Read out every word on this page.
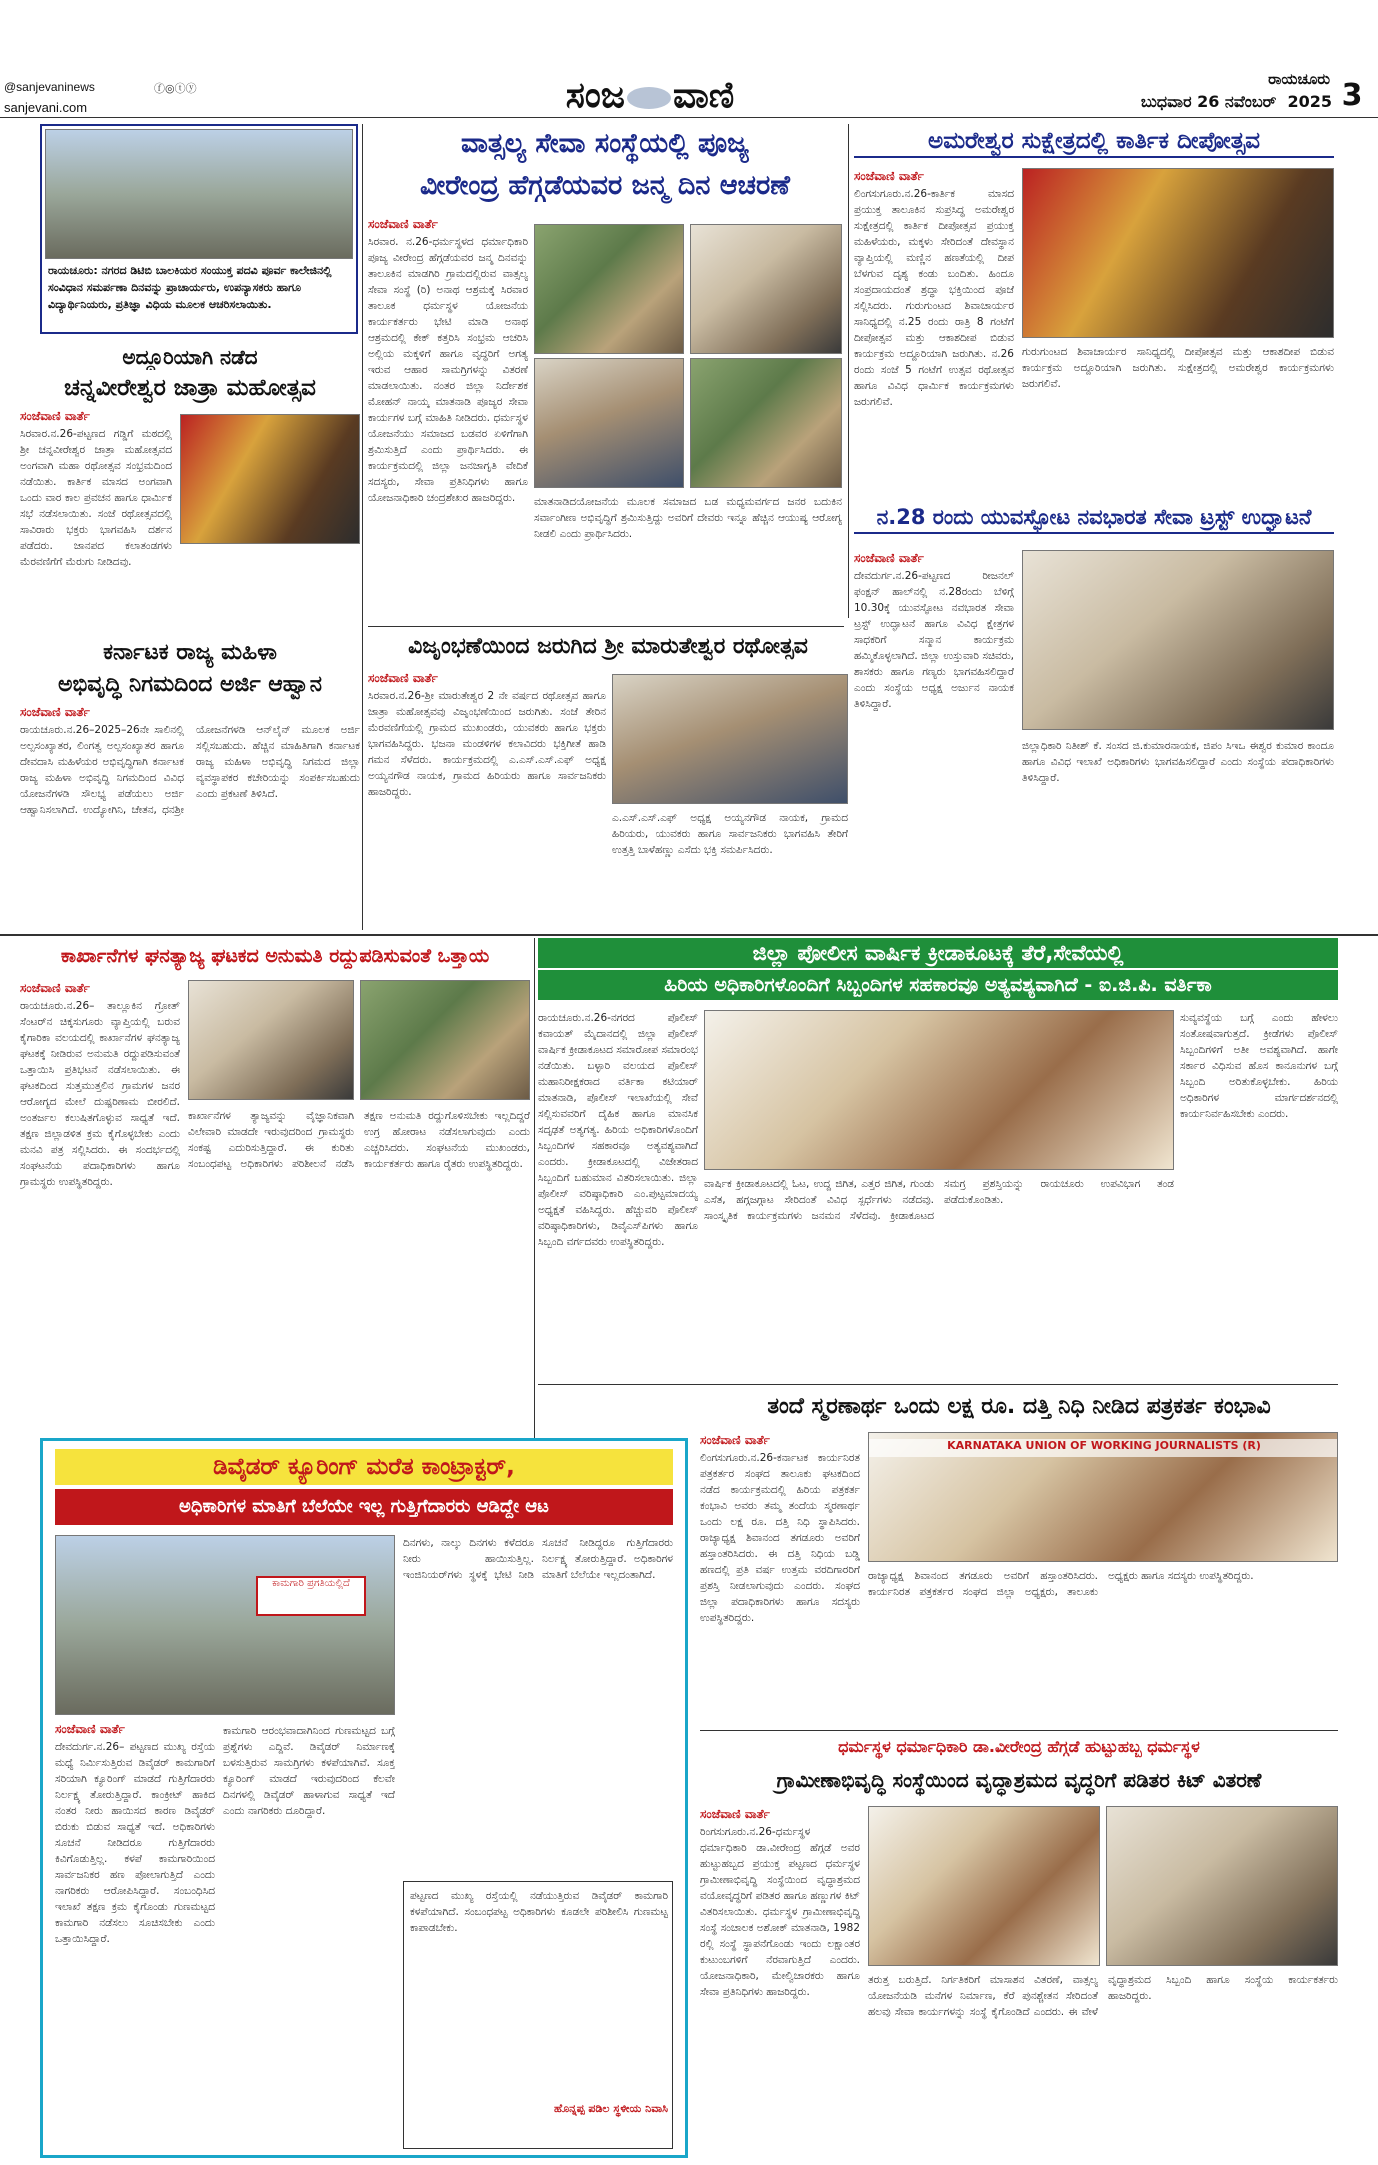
@sanjevaninews	ⓕ◎ⓣⓨ
sanjevani.com	ಸಂಜ ವಾಣಿ	ರಾಯಚೂರು
ಬುಧವಾರ 26 ನವೆಂಬರ್ 2025 3
ರಾಯಚೂರು: ನಗರದ ಡಿಟಿಬಿ ಬಾಲಕಿಯರ ಸಂಯುಕ್ತ ಪದವಿ ಪೂರ್ವ ಕಾಲೇಜಿನಲ್ಲಿ ಸಂವಿಧಾನ ಸಮರ್ಪಣಾ ದಿನವನ್ನು ಪ್ರಾಚಾರ್ಯರು, ಉಪನ್ಯಾಸಕರು ಹಾಗೂ ವಿದ್ಯಾರ್ಥಿನಿಯರು, ಪ್ರತಿಜ್ಞಾ ವಿಧಿಯ ಮೂಲಕ ಆಚರಿಸಲಾಯಿತು.
ಅದ್ದೂರಿಯಾಗಿ ನಡೆದ
ಚನ್ನವೀರೇಶ್ವರ ಜಾತ್ರಾ ಮಹೋತ್ಸವ
ಸಂಜೆವಾಣಿ ವಾರ್ತೆ
ಸಿರವಾರ.ನ.26-ಪಟ್ಟಣದ ಗಡ್ಡಿಗೆ ಮಠದಲ್ಲಿ ಶ್ರೀ ಚನ್ನವೀರೇಶ್ವರ ಜಾತ್ರಾ ಮಹೋತ್ಸವದ ಅಂಗವಾಗಿ ಮಹಾ ರಥೋತ್ಸವ ಸಂಭ್ರಮದಿಂದ ನಡೆಯಿತು. ಕಾರ್ತಿಕ ಮಾಸದ ಅಂಗವಾಗಿ ಒಂದು ವಾರ ಕಾಲ ಪ್ರವಚನ ಹಾಗೂ ಧಾರ್ಮಿಕ ಸಭೆ ನಡೆಸಲಾಯಿತು. ಸಂಜೆ ರಥೋತ್ಸವದಲ್ಲಿ ಸಾವಿರಾರು ಭಕ್ತರು ಭಾಗವಹಿಸಿ ದರ್ಶನ ಪಡೆದರು. ಜಾನಪದ ಕಲಾತಂಡಗಳು ಮೆರವಣಿಗೆಗೆ ಮೆರುಗು ನೀಡಿದವು.
ಕರ್ನಾಟಕ ರಾಜ್ಯ ಮಹಿಳಾ
ಅಭಿವೃದ್ಧಿ ನಿಗಮದಿಂದ ಅರ್ಜಿ ಆಹ್ವಾನ
ಸಂಜೆವಾಣಿ ವಾರ್ತೆ
ರಾಯಚೂರು.ನ.26–2025–26ನೇ ಸಾಲಿನಲ್ಲಿ ಅಲ್ಪಸಂಖ್ಯಾತರ, ಲಿಂಗತ್ವ ಅಲ್ಪಸಂಖ್ಯಾತರ ಹಾಗೂ ದೇವದಾಸಿ ಮಹಿಳೆಯರ ಅಭಿವೃದ್ಧಿಗಾಗಿ ಕರ್ನಾಟಕ ರಾಜ್ಯ ಮಹಿಳಾ ಅಭಿವೃದ್ಧಿ ನಿಗಮದಿಂದ ವಿವಿಧ ಯೋಜನೆಗಳಡಿ ಸೌಲಭ್ಯ ಪಡೆಯಲು ಅರ್ಜಿ ಆಹ್ವಾನಿಸಲಾಗಿದೆ. ಉದ್ಯೋಗಿನಿ, ಚೇತನ, ಧನಶ್ರೀ ಯೋಜನೆಗಳಡಿ ಆನ್‌ಲೈನ್ ಮೂಲಕ ಅರ್ಜಿ ಸಲ್ಲಿಸಬಹುದು. ಹೆಚ್ಚಿನ ಮಾಹಿತಿಗಾಗಿ ಕರ್ನಾಟಕ ರಾಜ್ಯ ಮಹಿಳಾ ಅಭಿವೃದ್ಧಿ ನಿಗಮದ ಜಿಲ್ಲಾ ವ್ಯವಸ್ಥಾಪಕರ ಕಚೇರಿಯನ್ನು ಸಂಪರ್ಕಿಸಬಹುದು ಎಂದು ಪ್ರಕಟಣೆ ತಿಳಿಸಿದೆ.
ವಾತ್ಸಲ್ಯ ಸೇವಾ ಸಂಸ್ಥೆಯಲ್ಲಿ ಪೂಜ್ಯ
ವೀರೇಂದ್ರ ಹೆಗ್ಗಡೆಯವರ ಜನ್ಮ ದಿನ ಆಚರಣೆ
ಸಂಜೆವಾಣಿ ವಾರ್ತೆ
ಸಿರವಾರ. ನ.26-ಧರ್ಮಸ್ಥಳದ ಧರ್ಮಾಧಿಕಾರಿ ಪೂಜ್ಯ ವೀರೇಂದ್ರ ಹೆಗ್ಗಡೆಯವರ ಜನ್ಮ ದಿನವನ್ನು ತಾಲೂಕಿನ ಮಾಡಗಿರಿ ಗ್ರಾಮದಲ್ಲಿರುವ ವಾತ್ಸಲ್ಯ ಸೇವಾ ಸಂಸ್ಥೆ (ರಿ) ಅನಾಥ ಆಶ್ರಮಕ್ಕೆ ಸಿರವಾರ ತಾಲೂಕ ಧರ್ಮಸ್ಥಳ ಯೋಜನೆಯ ಕಾರ್ಯಕರ್ತರು ಭೇಟಿ ಮಾಡಿ ಅನಾಥ ಆಶ್ರಮದಲ್ಲಿ ಕೇಕ್ ಕತ್ತರಿಸಿ ಸಂಭ್ರಮ ಆಚರಿಸಿ ಅಲ್ಲಿಯ ಮಕ್ಕಳಿಗೆ ಹಾಗೂ ವೃದ್ಧರಿಗೆ ಅಗತ್ಯ ಇರುವ ಆಹಾರ ಸಾಮಗ್ರಿಗಳನ್ನು ವಿತರಣೆ ಮಾಡಲಾಯಿತು. ನಂತರ ಜಿಲ್ಲಾ ನಿರ್ದೇಶಕ ಮೋಹನ್ ನಾಯ್ಕ ಮಾತನಾಡಿ ಪೂಜ್ಯರ ಸೇವಾ ಕಾರ್ಯಗಳ ಬಗ್ಗೆ ಮಾಹಿತಿ ನೀಡಿದರು. ಧರ್ಮಸ್ಥಳ ಯೋಜನೆಯು ಸಮಾಜದ ಬಡವರ ಏಳಿಗೆಗಾಗಿ ಶ್ರಮಿಸುತ್ತಿದೆ ಎಂದು ಪ್ರಾರ್ಥಿಸಿದರು. ಈ ಕಾರ್ಯಕ್ರಮದಲ್ಲಿ ಜಿಲ್ಲಾ ಜನಜಾಗೃತಿ ವೇದಿಕೆ ಸದಸ್ಯರು, ಸೇವಾ ಪ್ರತಿನಿಧಿಗಳು ಹಾಗೂ ಯೋಜನಾಧಿಕಾರಿ ಚಂದ್ರಶೇಖರ ಹಾಜರಿದ್ದರು.	ಮಾತನಾಡಿದಯೋಜನೆಯ ಮೂಲಕ ಸಮಾಜದ ಬಡ ಮಧ್ಯಮವರ್ಗದ ಜನರ ಬದುಕಿನ ಸರ್ವಾಂಗೀಣ ಅಭಿವೃದ್ಧಿಗೆ ಶ್ರಮಿಸುತ್ತಿದ್ದು ಅವರಿಗೆ ದೇವರು ಇನ್ನೂ ಹೆಚ್ಚಿನ ಆಯುಷ್ಯ ಆರೋಗ್ಯ ನೀಡಲಿ ಎಂದು ಪ್ರಾರ್ಥಿಸಿದರು.
ಅಮರೇಶ್ವರ ಸುಕ್ಷೇತ್ರದಲ್ಲಿ ಕಾರ್ತಿಕ ದೀಪೋತ್ಸವ
ಸಂಜೆವಾಣಿ ವಾರ್ತೆ
ಲಿಂಗಸುಗೂರು.ನ.26-ಕಾರ್ತಿಕ ಮಾಸದ ಪ್ರಯುಕ್ತ ತಾಲೂಕಿನ ಸುಪ್ರಸಿದ್ಧ ಅಮರೇಶ್ವರ ಸುಕ್ಷೇತ್ರದಲ್ಲಿ ಕಾರ್ತಿಕ ದೀಪೋತ್ಸವ ಪ್ರಯುಕ್ತ ಮಹಿಳೆಯರು, ಮಕ್ಕಳು ಸೇರಿದಂತೆ ದೇವಸ್ಥಾನ ವ್ಯಾಪ್ತಿಯಲ್ಲಿ ಮಣ್ಣಿನ ಹಣತೆಯಲ್ಲಿ ದೀಪ ಬೆಳಗುವ ದೃಶ್ಯ ಕಂಡು ಬಂದಿತು. ಹಿಂದೂ ಸಂಪ್ರದಾಯದಂತೆ ಶ್ರದ್ಧಾ ಭಕ್ತಿಯಿಂದ ಪೂಜೆ ಸಲ್ಲಿಸಿದರು. ಗುರುಗುಂಟದ ಶಿವಾಚಾರ್ಯರ ಸಾನಿಧ್ಯದಲ್ಲಿ ನ.25 ರಂದು ರಾತ್ರಿ 8 ಗಂಟೆಗೆ ದೀಪೋತ್ಸವ ಮತ್ತು ಆಕಾಶದೀಪ ಬಿಡುವ ಕಾರ್ಯಕ್ರಮ ಅದ್ದೂರಿಯಾಗಿ ಜರುಗಿತು. ನ.26 ರಂದು ಸಂಜೆ 5 ಗಂಟೆಗೆ ಉತ್ಸವ ರಥೋತ್ಸವ ಹಾಗೂ ವಿವಿಧ ಧಾರ್ಮಿಕ ಕಾರ್ಯಕ್ರಮಗಳು ಜರುಗಲಿವೆ.
ಗುರುಗುಂಟದ ಶಿವಾಚಾರ್ಯರ ಸಾನಿಧ್ಯದಲ್ಲಿ ದೀಪೋತ್ಸವ ಮತ್ತು ಆಕಾಶದೀಪ ಬಿಡುವ ಕಾರ್ಯಕ್ರಮ ಅದ್ದೂರಿಯಾಗಿ ಜರುಗಿತು. ಸುಕ್ಷೇತ್ರದಲ್ಲಿ ಅಮರೇಶ್ವರ ಕಾರ್ಯಕ್ರಮಗಳು ಜರುಗಲಿವೆ.
ನ.28 ರಂದು ಯುವಸ್ಫೋಟ ನವಭಾರತ ಸೇವಾ ಟ್ರಸ್ಟ್ ಉದ್ಘಾಟನೆ
ಸಂಜೆವಾಣಿ ವಾರ್ತೆ
ದೇವದುರ್ಗ.ನ.26-ಪಟ್ಟಣದ ರೀಜನಲ್ ಫಂಕ್ಷನ್ ಹಾಲ್‌ನಲ್ಲಿ ನ.28ರಂದು ಬೆಳಿಗ್ಗೆ 10.30ಕ್ಕೆ ಯುವಸ್ಫೋಟ ನವಭಾರತ ಸೇವಾ ಟ್ರಸ್ಟ್ ಉದ್ಘಾಟನೆ ಹಾಗೂ ವಿವಿಧ ಕ್ಷೇತ್ರಗಳ ಸಾಧಕರಿಗೆ ಸನ್ಮಾನ ಕಾರ್ಯಕ್ರಮ ಹಮ್ಮಿಕೊಳ್ಳಲಾಗಿದೆ. ಜಿಲ್ಲಾ ಉಸ್ತುವಾರಿ ಸಚಿವರು, ಶಾಸಕರು ಹಾಗೂ ಗಣ್ಯರು ಭಾಗವಹಿಸಲಿದ್ದಾರೆ ಎಂದು ಸಂಸ್ಥೆಯ ಅಧ್ಯಕ್ಷ ಅರ್ಜುನ ನಾಯಕ ತಿಳಿಸಿದ್ದಾರೆ.
ಜಿಲ್ಲಾಧಿಕಾರಿ ನಿತೀಶ್ ಕೆ. ಸಂಸದ ಜಿ.ಕುಮಾರನಾಯಕ, ಜಿಪಂ ಸಿಇಒ ಈಶ್ವರ ಕುಮಾರ ಕಾಂದೂ ಹಾಗೂ ವಿವಿಧ ಇಲಾಖೆ ಅಧಿಕಾರಿಗಳು ಭಾಗವಹಿಸಲಿದ್ದಾರೆ ಎಂದು ಸಂಸ್ಥೆಯ ಪದಾಧಿಕಾರಿಗಳು ತಿಳಿಸಿದ್ದಾರೆ.
ವಿಜೃಂಭಣೆಯಿಂದ ಜರುಗಿದ ಶ್ರೀ ಮಾರುತೇಶ್ವರ ರಥೋತ್ಸವ
ಸಂಜೆವಾಣಿ ವಾರ್ತೆ
ಸಿರವಾರ.ನ.26-ಶ್ರೀ ಮಾರುತೇಶ್ವರ 2 ನೇ ವರ್ಷದ ರಥೋತ್ಸವ ಹಾಗೂ ಜಾತ್ರಾ ಮಹೋತ್ಸವವು ವಿಜೃಂಭಣೆಯಿಂದ ಜರುಗಿತು. ಸಂಜೆ ತೇರಿನ ಮೆರವಣಿಗೆಯಲ್ಲಿ ಗ್ರಾಮದ ಮುಖಂಡರು, ಯುವಕರು ಹಾಗೂ ಭಕ್ತರು ಭಾಗವಹಿಸಿದ್ದರು. ಭಜನಾ ಮಂಡಳಿಗಳ ಕಲಾವಿದರು ಭಕ್ತಿಗೀತೆ ಹಾಡಿ ಗಮನ ಸೆಳೆದರು. ಕಾರ್ಯಕ್ರಮದಲ್ಲಿ ಎ.ಎಸ್.ಎಸ್.ಎಫ್ ಅಧ್ಯಕ್ಷ ಅಯ್ಯನಗೌಡ ನಾಯಕ, ಗ್ರಾಮದ ಹಿರಿಯರು ಹಾಗೂ ಸಾರ್ವಜನಿಕರು ಹಾಜರಿದ್ದರು.
ಎ.ಎಸ್.ಎಸ್.ಎಫ್ ಅಧ್ಯಕ್ಷ ಅಯ್ಯನಗೌಡ ನಾಯಕ, ಗ್ರಾಮದ ಹಿರಿಯರು, ಯುವಕರು ಹಾಗೂ ಸಾರ್ವಜನಿಕರು ಭಾಗವಹಿಸಿ ತೇರಿಗೆ ಉತ್ತತ್ತಿ ಬಾಳೆಹಣ್ಣು ಎಸೆದು ಭಕ್ತಿ ಸಮರ್ಪಿಸಿದರು.
ಕಾರ್ಖಾನೆಗಳ ಘನತ್ಯಾಜ್ಯ ಘಟಕದ ಅನುಮತಿ ರದ್ದುಪಡಿಸುವಂತೆ ಒತ್ತಾಯ
ಸಂಜೆವಾಣಿ ವಾರ್ತೆ
ರಾಯಚೂರು.ನ.26– ತಾಲ್ಲೂಕಿನ ಗ್ರೋತ್ ಸೆಂಟರ್‌ನ ಚಿಕ್ಕಸುಗೂರು ವ್ಯಾಪ್ತಿಯಲ್ಲಿ ಬರುವ ಕೈಗಾರಿಕಾ ವಲಯದಲ್ಲಿ ಕಾರ್ಖಾನೆಗಳ ಘನತ್ಯಾಜ್ಯ ಘಟಕಕ್ಕೆ ನೀಡಿರುವ ಅನುಮತಿ ರದ್ದುಪಡಿಸುವಂತೆ ಒತ್ತಾಯಿಸಿ ಪ್ರತಿಭಟನೆ ನಡೆಸಲಾಯಿತು. ಈ ಘಟಕದಿಂದ ಸುತ್ತಮುತ್ತಲಿನ ಗ್ರಾಮಗಳ ಜನರ ಆರೋಗ್ಯದ ಮೇಲೆ ದುಷ್ಪರಿಣಾಮ ಬೀರಲಿದೆ. ಅಂತರ್ಜಲ ಕಲುಷಿತಗೊಳ್ಳುವ ಸಾಧ್ಯತೆ ಇದೆ. ತಕ್ಷಣ ಜಿಲ್ಲಾಡಳಿತ ಕ್ರಮ ಕೈಗೊಳ್ಳಬೇಕು ಎಂದು ಮನವಿ ಪತ್ರ ಸಲ್ಲಿಸಿದರು. ಈ ಸಂದರ್ಭದಲ್ಲಿ ಸಂಘಟನೆಯ ಪದಾಧಿಕಾರಿಗಳು ಹಾಗೂ ಗ್ರಾಮಸ್ಥರು ಉಪಸ್ಥಿತರಿದ್ದರು.
ಕಾರ್ಖಾನೆಗಳ ತ್ಯಾಜ್ಯವನ್ನು ವೈಜ್ಞಾನಿಕವಾಗಿ ವಿಲೇವಾರಿ ಮಾಡದೇ ಇರುವುದರಿಂದ ಗ್ರಾಮಸ್ಥರು ಸಂಕಷ್ಟ ಎದುರಿಸುತ್ತಿದ್ದಾರೆ. ಈ ಕುರಿತು ಸಂಬಂಧಪಟ್ಟ ಅಧಿಕಾರಿಗಳು ಪರಿಶೀಲನೆ ನಡೆಸಿ ತಕ್ಷಣ ಅನುಮತಿ ರದ್ದುಗೊಳಿಸಬೇಕು ಇಲ್ಲದಿದ್ದರೆ ಉಗ್ರ ಹೋರಾಟ ನಡೆಸಲಾಗುವುದು ಎಂದು ಎಚ್ಚರಿಸಿದರು. ಸಂಘಟನೆಯ ಮುಖಂಡರು, ಕಾರ್ಯಕರ್ತರು ಹಾಗೂ ರೈತರು ಉಪಸ್ಥಿತರಿದ್ದರು.
ಜಿಲ್ಲಾ ಪೋಲೀಸ ವಾರ್ಷಿಕ ಕ್ರೀಡಾಕೂಟಕ್ಕೆ ತೆರೆ,ಸೇವೆಯಲ್ಲಿ
ಹಿರಿಯ ಅಧಿಕಾರಿಗಳೊಂದಿಗೆ ಸಿಬ್ಬಂದಿಗಳ ಸಹಕಾರವೂ ಅತ್ಯವಶ್ಯವಾಗಿದೆ - ಐ.ಜಿ.ಪಿ. ವರ್ತಿಕಾ
ರಾಯಚೂರು.ನ.26-ನಗರದ ಪೊಲೀಸ್ ಕವಾಯತ್ ಮೈದಾನದಲ್ಲಿ ಜಿಲ್ಲಾ ಪೊಲೀಸ್ ವಾರ್ಷಿಕ ಕ್ರೀಡಾಕೂಟದ ಸಮಾರೋಪ ಸಮಾರಂಭ ನಡೆಯಿತು. ಬಳ್ಳಾರಿ ವಲಯದ ಪೊಲೀಸ್ ಮಹಾನಿರೀಕ್ಷಕರಾದ ವರ್ತಿಕಾ ಕಟಿಯಾರ್ ಮಾತನಾಡಿ, ಪೊಲೀಸ್ ಇಲಾಖೆಯಲ್ಲಿ ಸೇವೆ ಸಲ್ಲಿಸುವವರಿಗೆ ದೈಹಿಕ ಹಾಗೂ ಮಾನಸಿಕ ಸದೃಢತೆ ಅತ್ಯಗತ್ಯ. ಹಿರಿಯ ಅಧಿಕಾರಿಗಳೊಂದಿಗೆ ಸಿಬ್ಬಂದಿಗಳ ಸಹಕಾರವೂ ಅತ್ಯವಶ್ಯವಾಗಿದೆ ಎಂದರು. ಕ್ರೀಡಾಕೂಟದಲ್ಲಿ ವಿಜೇತರಾದ ಸಿಬ್ಬಂದಿಗೆ ಬಹುಮಾನ ವಿತರಿಸಲಾಯಿತು. ಜಿಲ್ಲಾ ಪೊಲೀಸ್ ವರಿಷ್ಠಾಧಿಕಾರಿ ಎಂ.ಪುಟ್ಟಮಾದಯ್ಯ ಅಧ್ಯಕ್ಷತೆ ವಹಿಸಿದ್ದರು. ಹೆಚ್ಚುವರಿ ಪೊಲೀಸ್ ವರಿಷ್ಠಾಧಿಕಾರಿಗಳು, ಡಿವೈಎಸ್‌ಪಿಗಳು ಹಾಗೂ ಸಿಬ್ಬಂದಿ ವರ್ಗದವರು ಉಪಸ್ಥಿತರಿದ್ದರು.
ವಾರ್ಷಿಕ ಕ್ರೀಡಾಕೂಟದಲ್ಲಿ ಓಟ, ಉದ್ದ ಜಿಗಿತ, ಎತ್ತರ ಜಿಗಿತ, ಗುಂಡು ಎಸೆತ, ಹಗ್ಗಜಗ್ಗಾಟ ಸೇರಿದಂತೆ ವಿವಿಧ ಸ್ಪರ್ಧೆಗಳು ನಡೆದವು. ಸಾಂಸ್ಕೃತಿಕ ಕಾರ್ಯಕ್ರಮಗಳು ಜನಮನ ಸೆಳೆದವು. ಕ್ರೀಡಾಕೂಟದ ಸಮಗ್ರ ಪ್ರಶಸ್ತಿಯನ್ನು ರಾಯಚೂರು ಉಪವಿಭಾಗ ತಂಡ ಪಡೆದುಕೊಂಡಿತು.
ಸುವ್ಯವಸ್ಥೆಯ ಬಗ್ಗೆ ಎಂದು ಹೇಳಲು ಸಂತೋಷವಾಗುತ್ತದೆ. ಕ್ರೀಡೆಗಳು ಪೊಲೀಸ್ ಸಿಬ್ಬಂದಿಗಳಿಗೆ ಅತೀ ಅವಶ್ಯವಾಗಿದೆ. ಹಾಗೇ ಸರ್ಕಾರ ವಿಧಿಸುವ ಹೊಸ ಕಾನೂನುಗಳ ಬಗ್ಗೆ ಸಿಬ್ಬಂದಿ ಅರಿತುಕೊಳ್ಳಬೇಕು. ಹಿರಿಯ ಅಧಿಕಾರಿಗಳ ಮಾರ್ಗದರ್ಶನದಲ್ಲಿ ಕಾರ್ಯನಿರ್ವಹಿಸಬೇಕು ಎಂದರು.
ತಂದೆ ಸ್ಮರಣಾರ್ಥ ಒಂದು ಲಕ್ಷ ರೂ. ದತ್ತಿ ನಿಧಿ ನೀಡಿದ ಪತ್ರಕರ್ತ ಕಂಭಾವಿ
ಸಂಜೆವಾಣಿ ವಾರ್ತೆ
ಲಿಂಗಸುಗೂರು.ನ.26-ಕರ್ನಾಟಕ ಕಾರ್ಯನಿರತ ಪತ್ರಕರ್ತರ ಸಂಘದ ತಾಲೂಕು ಘಟಕದಿಂದ ನಡೆದ ಕಾರ್ಯಕ್ರಮದಲ್ಲಿ ಹಿರಿಯ ಪತ್ರಕರ್ತ ಕಂಭಾವಿ ಅವರು ತಮ್ಮ ತಂದೆಯ ಸ್ಮರಣಾರ್ಥ ಒಂದು ಲಕ್ಷ ರೂ. ದತ್ತಿ ನಿಧಿ ಸ್ಥಾಪಿಸಿದರು. ರಾಜ್ಯಾಧ್ಯಕ್ಷ ಶಿವಾನಂದ ತಗಡೂರು ಅವರಿಗೆ ಹಸ್ತಾಂತರಿಸಿದರು. ಈ ದತ್ತಿ ನಿಧಿಯ ಬಡ್ಡಿ ಹಣದಲ್ಲಿ ಪ್ರತಿ ವರ್ಷ ಉತ್ತಮ ವರದಿಗಾರರಿಗೆ ಪ್ರಶಸ್ತಿ ನೀಡಲಾಗುವುದು ಎಂದರು. ಸಂಘದ ಜಿಲ್ಲಾ ಪದಾಧಿಕಾರಿಗಳು ಹಾಗೂ ಸದಸ್ಯರು ಉಪಸ್ಥಿತರಿದ್ದರು.
KARNATAKA UNION OF WORKING JOURNALISTS (R)
ರಾಜ್ಯಾಧ್ಯಕ್ಷ ಶಿವಾನಂದ ತಗಡೂರು ಅವರಿಗೆ ಹಸ್ತಾಂತರಿಸಿದರು. ಕಾರ್ಯನಿರತ ಪತ್ರಕರ್ತರ ಸಂಘದ ಜಿಲ್ಲಾ ಅಧ್ಯಕ್ಷರು, ತಾಲೂಕು ಅಧ್ಯಕ್ಷರು ಹಾಗೂ ಸದಸ್ಯರು ಉಪಸ್ಥಿತರಿದ್ದರು.
ಡಿವೈಡರ್ ಕ್ಯೂರಿಂಗ್ ಮರೆತ ಕಾಂಟ್ರಾಕ್ಟರ್,
ಅಧಿಕಾರಿಗಳ ಮಾತಿಗೆ ಬೆಲೆಯೇ ಇಲ್ಲ ಗುತ್ತಿಗೆದಾರರು ಆಡಿದ್ದೇ ಆಟ
ಕಾಮಗಾರಿ ಪ್ರಗತಿಯಲ್ಲಿದೆ
ಸಂಜೆವಾಣಿ ವಾರ್ತೆ
ದೇವದುರ್ಗ.ನ.26– ಪಟ್ಟಣದ ಮುಖ್ಯ ರಸ್ತೆಯ ಮಧ್ಯೆ ನಿರ್ಮಿಸುತ್ತಿರುವ ಡಿವೈಡರ್ ಕಾಮಗಾರಿಗೆ ಸರಿಯಾಗಿ ಕ್ಯೂರಿಂಗ್ ಮಾಡದೆ ಗುತ್ತಿಗೆದಾರರು ನಿರ್ಲಕ್ಷ್ಯ ತೋರುತ್ತಿದ್ದಾರೆ. ಕಾಂಕ್ರೀಟ್ ಹಾಕಿದ ನಂತರ ನೀರು ಹಾಯಿಸದ ಕಾರಣ ಡಿವೈಡರ್ ಬಿರುಕು ಬಿಡುವ ಸಾಧ್ಯತೆ ಇದೆ. ಅಧಿಕಾರಿಗಳು ಸೂಚನೆ ನೀಡಿದರೂ ಗುತ್ತಿಗೆದಾರರು ಕಿವಿಗೊಡುತ್ತಿಲ್ಲ. ಕಳಪೆ ಕಾಮಗಾರಿಯಿಂದ ಸಾರ್ವಜನಿಕರ ಹಣ ಪೋಲಾಗುತ್ತಿದೆ ಎಂದು ನಾಗರಿಕರು ಆರೋಪಿಸಿದ್ದಾರೆ. ಸಂಬಂಧಿಸಿದ ಇಲಾಖೆ ತಕ್ಷಣ ಕ್ರಮ ಕೈಗೊಂಡು ಗುಣಮಟ್ಟದ ಕಾಮಗಾರಿ ನಡೆಸಲು ಸೂಚಿಸಬೇಕು ಎಂದು ಒತ್ತಾಯಿಸಿದ್ದಾರೆ.
ಕಾಮಗಾರಿ ಆರಂಭವಾದಾಗಿನಿಂದ ಗುಣಮಟ್ಟದ ಬಗ್ಗೆ ಪ್ರಶ್ನೆಗಳು ಎದ್ದಿವೆ. ಡಿವೈಡರ್ ನಿರ್ಮಾಣಕ್ಕೆ ಬಳಸುತ್ತಿರುವ ಸಾಮಗ್ರಿಗಳು ಕಳಪೆಯಾಗಿವೆ. ಸೂಕ್ತ ಕ್ಯೂರಿಂಗ್ ಮಾಡದೆ ಇರುವುದರಿಂದ ಕೆಲವೇ ದಿನಗಳಲ್ಲಿ ಡಿವೈಡರ್ ಹಾಳಾಗುವ ಸಾಧ್ಯತೆ ಇದೆ ಎಂದು ನಾಗರಿಕರು ದೂರಿದ್ದಾರೆ.
ದಿನಗಳು, ನಾಲ್ಕು ದಿನಗಳು ಕಳೆದರೂ ನೀರು ಹಾಯಿಸುತ್ತಿಲ್ಲ. ಇಂಜಿನಿಯರ್‌ಗಳು ಸ್ಥಳಕ್ಕೆ ಭೇಟಿ ನೀಡಿ ಸೂಚನೆ ನೀಡಿದ್ದರೂ ಗುತ್ತಿಗೆದಾರರು ನಿರ್ಲಕ್ಷ್ಯ ತೋರುತ್ತಿದ್ದಾರೆ. ಅಧಿಕಾರಿಗಳ ಮಾತಿಗೆ ಬೆಲೆಯೇ ಇಲ್ಲದಂತಾಗಿದೆ.
ಪಟ್ಟಣದ ಮುಖ್ಯ ರಸ್ತೆಯಲ್ಲಿ ನಡೆಯುತ್ತಿರುವ ಡಿವೈಡರ್ ಕಾಮಗಾರಿ ಕಳಪೆಯಾಗಿದೆ. ಸಂಬಂಧಪಟ್ಟ ಅಧಿಕಾರಿಗಳು ಕೂಡಲೇ ಪರಿಶೀಲಿಸಿ ಗುಣಮಟ್ಟ ಕಾಪಾಡಬೇಕು.
ಹೊನ್ನಪ್ಪ ಪಡಿಲ ಸ್ಥಳೀಯ ನಿವಾಸಿ
ಧರ್ಮಸ್ಥಳ ಧರ್ಮಾಧಿಕಾರಿ ಡಾ.ವೀರೇಂದ್ರ ಹೆಗ್ಗಡೆ ಹುಟ್ಟುಹಬ್ಬ ಧರ್ಮಸ್ಥಳ
ಗ್ರಾಮೀಣಾಭಿವೃದ್ಧಿ ಸಂಸ್ಥೆಯಿಂದ ವೃದ್ಧಾಶ್ರಮದ ವೃದ್ಧರಿಗೆ ಪಡಿತರ ಕಿಟ್ ವಿತರಣೆ
ಸಂಜೆವಾಣಿ ವಾರ್ತೆ
ರಿಂಗಸುಗೂರು.ನ.26-ಧರ್ಮಸ್ಥಳ ಧರ್ಮಾಧಿಕಾರಿ ಡಾ.ವೀರೇಂದ್ರ ಹೆಗ್ಗಡೆ ಅವರ ಹುಟ್ಟುಹಬ್ಬದ ಪ್ರಯುಕ್ತ ಪಟ್ಟಣದ ಧರ್ಮಸ್ಥಳ ಗ್ರಾಮೀಣಾಭಿವೃದ್ಧಿ ಸಂಸ್ಥೆಯಿಂದ ವೃದ್ಧಾಶ್ರಮದ ವಯೋವೃದ್ಧರಿಗೆ ಪಡಿತರ ಹಾಗೂ ಹಣ್ಣುಗಳ ಕಿಟ್ ವಿತರಿಸಲಾಯಿತು. ಧರ್ಮಸ್ಥಳ ಗ್ರಾಮೀಣಾಭಿವೃದ್ಧಿ ಸಂಸ್ಥೆ ಸಂಚಾಲಕ ಅಶೋಕ್ ಮಾತನಾಡಿ, 1982 ರಲ್ಲಿ ಸಂಸ್ಥೆ ಸ್ಥಾಪನೆಗೊಂಡು ಇಂದು ಲಕ್ಷಾಂತರ ಕುಟುಂಬಗಳಿಗೆ ನೆರವಾಗುತ್ತಿದೆ ಎಂದರು. ಯೋಜನಾಧಿಕಾರಿ, ಮೇಲ್ವಿಚಾರಕರು ಹಾಗೂ ಸೇವಾ ಪ್ರತಿನಿಧಿಗಳು ಹಾಜರಿದ್ದರು.
ತರುತ್ತ ಬರುತ್ತಿದೆ. ನಿರ್ಗತಿಕರಿಗೆ ಮಾಸಾಶನ ವಿತರಣೆ, ವಾತ್ಸಲ್ಯ ಯೋಜನೆಯಡಿ ಮನೆಗಳ ನಿರ್ಮಾಣ, ಕೆರೆ ಪುನಶ್ಚೇತನ ಸೇರಿದಂತೆ ಹಲವು ಸೇವಾ ಕಾರ್ಯಗಳನ್ನು ಸಂಸ್ಥೆ ಕೈಗೊಂಡಿದೆ ಎಂದರು. ಈ ವೇಳೆ ವೃದ್ಧಾಶ್ರಮದ ಸಿಬ್ಬಂದಿ ಹಾಗೂ ಸಂಸ್ಥೆಯ ಕಾರ್ಯಕರ್ತರು ಹಾಜರಿದ್ದರು.
